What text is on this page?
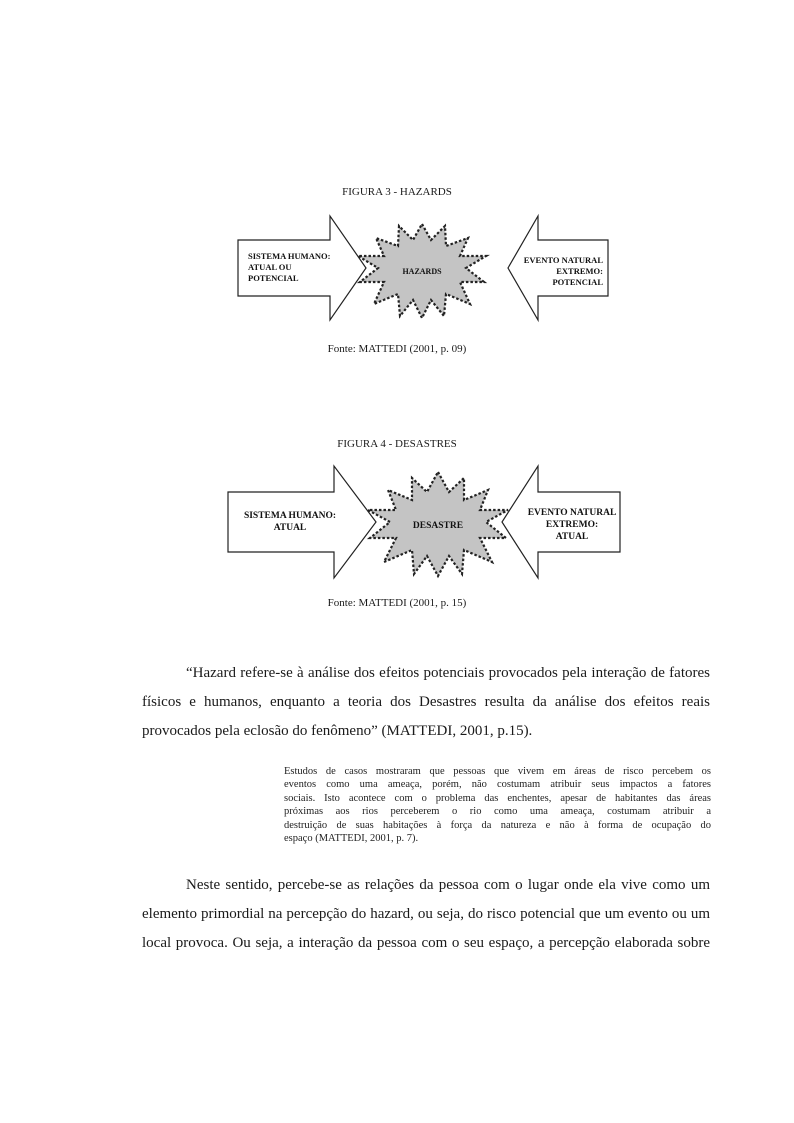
FIGURA 3 - HAZARDS
SISTEMA HUMANO:
ATUAL OU
POTENCIAL
HAZARDS
EVENTO NATURAL
EXTREMO:
POTENCIAL
Fonte: MATTEDI (2001, p. 09)
FIGURA 4 - DESASTRES
SISTEMA HUMANO:
ATUAL	DESASTRE
EVENTO NATURAL
EXTREMO:
ATUAL
Fonte: MATTEDI (2001, p. 15)
“Hazard refere-se à análise dos efeitos potenciais provocados pela interação de fatores
físicos e humanos, enquanto a teoria dos Desastres resulta da análise dos efeitos reais
provocados pela eclosão do fenômeno” (MATTEDI, 2001, p.15).
Estudos de casos mostraram que pessoas que vivem em áreas de risco percebem os
eventos como uma ameaça, porém, não costumam atribuir seus impactos a fatores
sociais. Isto acontece com o problema das enchentes, apesar de habitantes das áreas
próximas aos rios perceberem o rio como uma ameaça, costumam atribuir a
destruição de suas habitações à força da natureza e não à forma de ocupação do
espaço (MATTEDI, 2001, p. 7).
Neste sentido, percebe-se as relações da pessoa com o lugar onde ela vive como um
elemento primordial na percepção do hazard, ou seja, do risco potencial que um evento ou um
local provoca. Ou seja, a interação da pessoa com o seu espaço, a percepção elaborada sobre
